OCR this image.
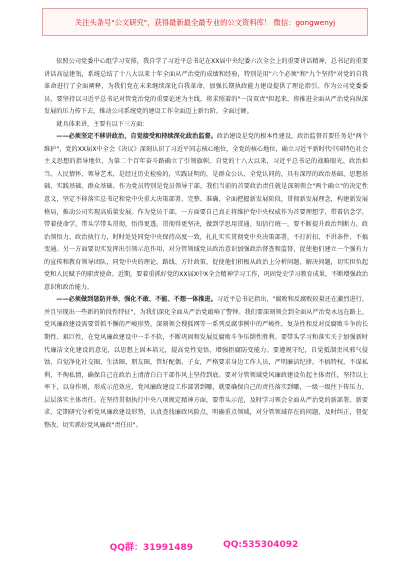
关注头条号"公文研究"，获得最新最全最专业的公文资料库！ 微信：gongwenyj

依照公司党委中心组学习安排，我自学了习近平总书记在XX届中央纪委六次全会上的重要讲话精神，总书记的重要讲话高屋建瓴，系统总结了十八大以来十年全面从严治党的成绩和经验，特别是用"六个必须"和"九个坚持"对党的自我革命进行了全面阐释，为我们党在未来继续深化自我革命，加强长期执政能力建设提供了理论指引。作为公司党委委员，要坚持以习近平总书记对管党治党的重要论述为主线，将求照着的"一岗双责"担起来，将推进全面从严治党向纵深发展的压力传下去，推动公司系统党的建设工作全面迈上新台阶，全面过硬。

就具体来讲，主要有以下三方面：

——必须坚定不移讲政治，自觉接受和持续深化政治监督。政治建设是党的根本性建设，政治监督首要任务是"两个维护"，党的XX届X中全会《决议》深刻认识了习近平同志核心地位，全党的核心地位，确立习近平新时代中国特色社会主义思想的指导地位，为第二个百年奋斗路确立了引领旗帜。自党的十八大以来，习近平总书记的战略眼光、政治担当、人民情怀、领导艺术，是经过历史检验的，实践证明的，是群众公认、全党认同的，具有深厚的政治基础、思想基础、实践基础、群众基础。作为党员特别是党员领导干部，我们当前的首要政治责任就是深刻领会"两个确立"的决定性意义，坚定不移落实总书记和党中央重大决策部署，完整、准确、全面把握新发展阶段，贯彻新发展理念，构建新发展格局，推动公司实现高质量发展。作为党员干部，一方面要自己真正将维护党中央权威作为首要理想学、带着信念学，带着使命学，带头学带头贯彻，悟得更透，贯彻得更坚决，做到学思用贯通、知信行统一，要不断提升政治判断力、政治领悟力、政治执行力，时时处处同党中央保持高度一致，扎扎实实贯彻党中央决策部署，不打折扣、不讲条件、不搞变通。另一方面要切实发挥出引领示范作用，对分管领域党员政治意识加强政治督查和监督，促使他们建立一个强有力的宣传和教育领导团队，同党中央的理论、路线、方针政策，促使他们积极从政治上分析问题、解决问题，切实担负起党和人民赋予的职责使命。近期，要着重抓好党的XX届X中X全会精神学习工作，巩固党史学习教育成果，不断增强政治意识和政治能力。

——必须做到惩防并举，强化不敢、不能、不想一体推进。习近平总书记指出，"腐败和反腐败较量还在激烈进行，并且呈现出一些新的阶段性特征"，为我们深化全面从严治党敲响了警钟。我们要深刻领会到全面从严治党永远在路上，党风廉政建设需要常抓不懈的严峻形势，深刻领会搜狐网等一系列反腐事例中的严峻性、复杂性和反对反腐败斗争的长期性、艰巨性，在党风廉政建设中一手不软，不断巩固和发展反腐败斗争压倒性胜利。要带头学习和落实关于加强新时代廉洁文化建设的意见，以思想上固本培元，提高党性觉悟，增强拒腐防变能力。要遵规守纪，自觉抵制歪风邪气侵蚀，自觉净化社交圈、生活圈、朋友圈，管好配偶、子女，严格要求身边工作人员，严明廉洁纪律，不搞特权，不谋私利，不徇私情，确保自己在政治上清清白白干部作风上坚持到底。要对分管领域党风廉政建设负起主体责任，坚持以上率下，以身作则，形成示范效应，党风廉政建设工作部署到哪，就要确保自己的责任落实到哪，一级一级往下传压力，层层落实主体责任。在坚持贯彻执行中央八项规定精神方面，要带头示范，及时学习领会全面从严治党的新部署、新要求，定期研究分析党风廉政建设形势，认真查找廉政风险点，明确重点领域，对分管领域存在的问题，及时纠正，督促整改，切实抓好党风廉政"责任田"。

QQ群：31991489	QQ:535304092
